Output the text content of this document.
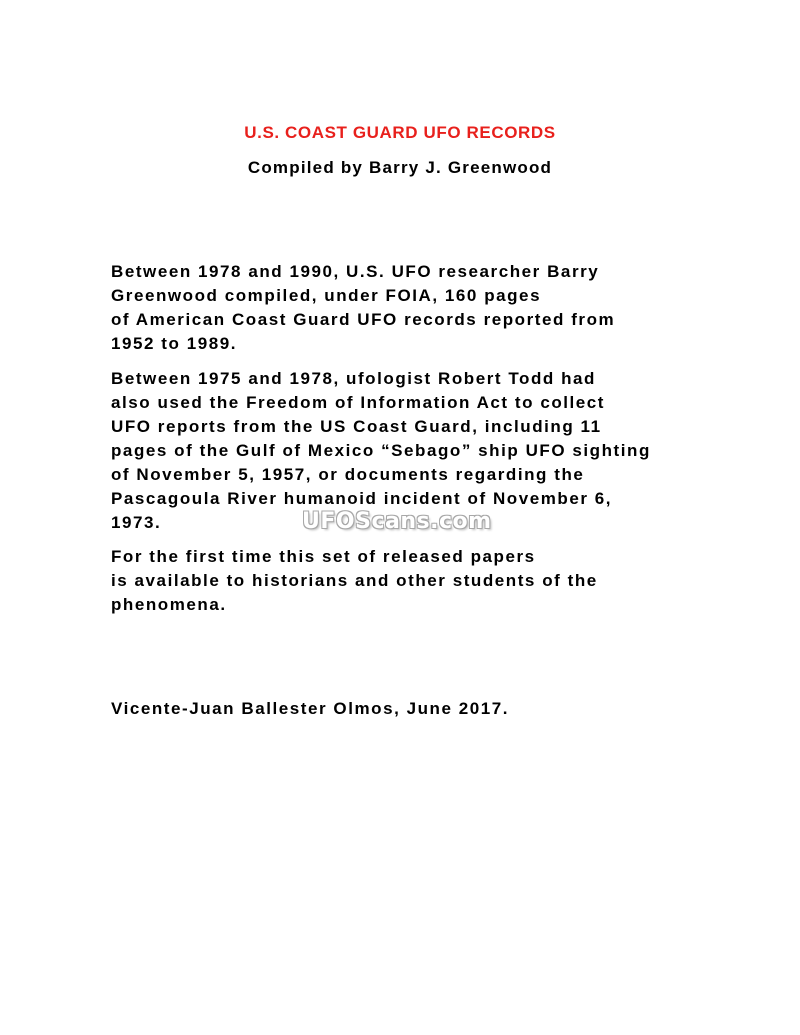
U.S. COAST GUARD UFO RECORDS
Compiled by Barry J. Greenwood
Between 1978 and 1990, U.S. UFO researcher Barry
Greenwood compiled, under FOIA, 160 pages
of American Coast Guard UFO records reported from
1952 to 1989.
Between 1975 and 1978, ufologist Robert Todd had
also used the Freedom of Information Act to collect
UFO reports from the US Coast Guard, including 11
pages of the Gulf of Mexico “Sebago” ship UFO sighting
of November 5, 1957, or documents regarding the
Pascagoula River humanoid incident of November 6,
1973.
For the first time this set of released papers
is available to historians and other students of the
phenomena.
Vicente-Juan Ballester Olmos, June 2017.
UFOScans.com
